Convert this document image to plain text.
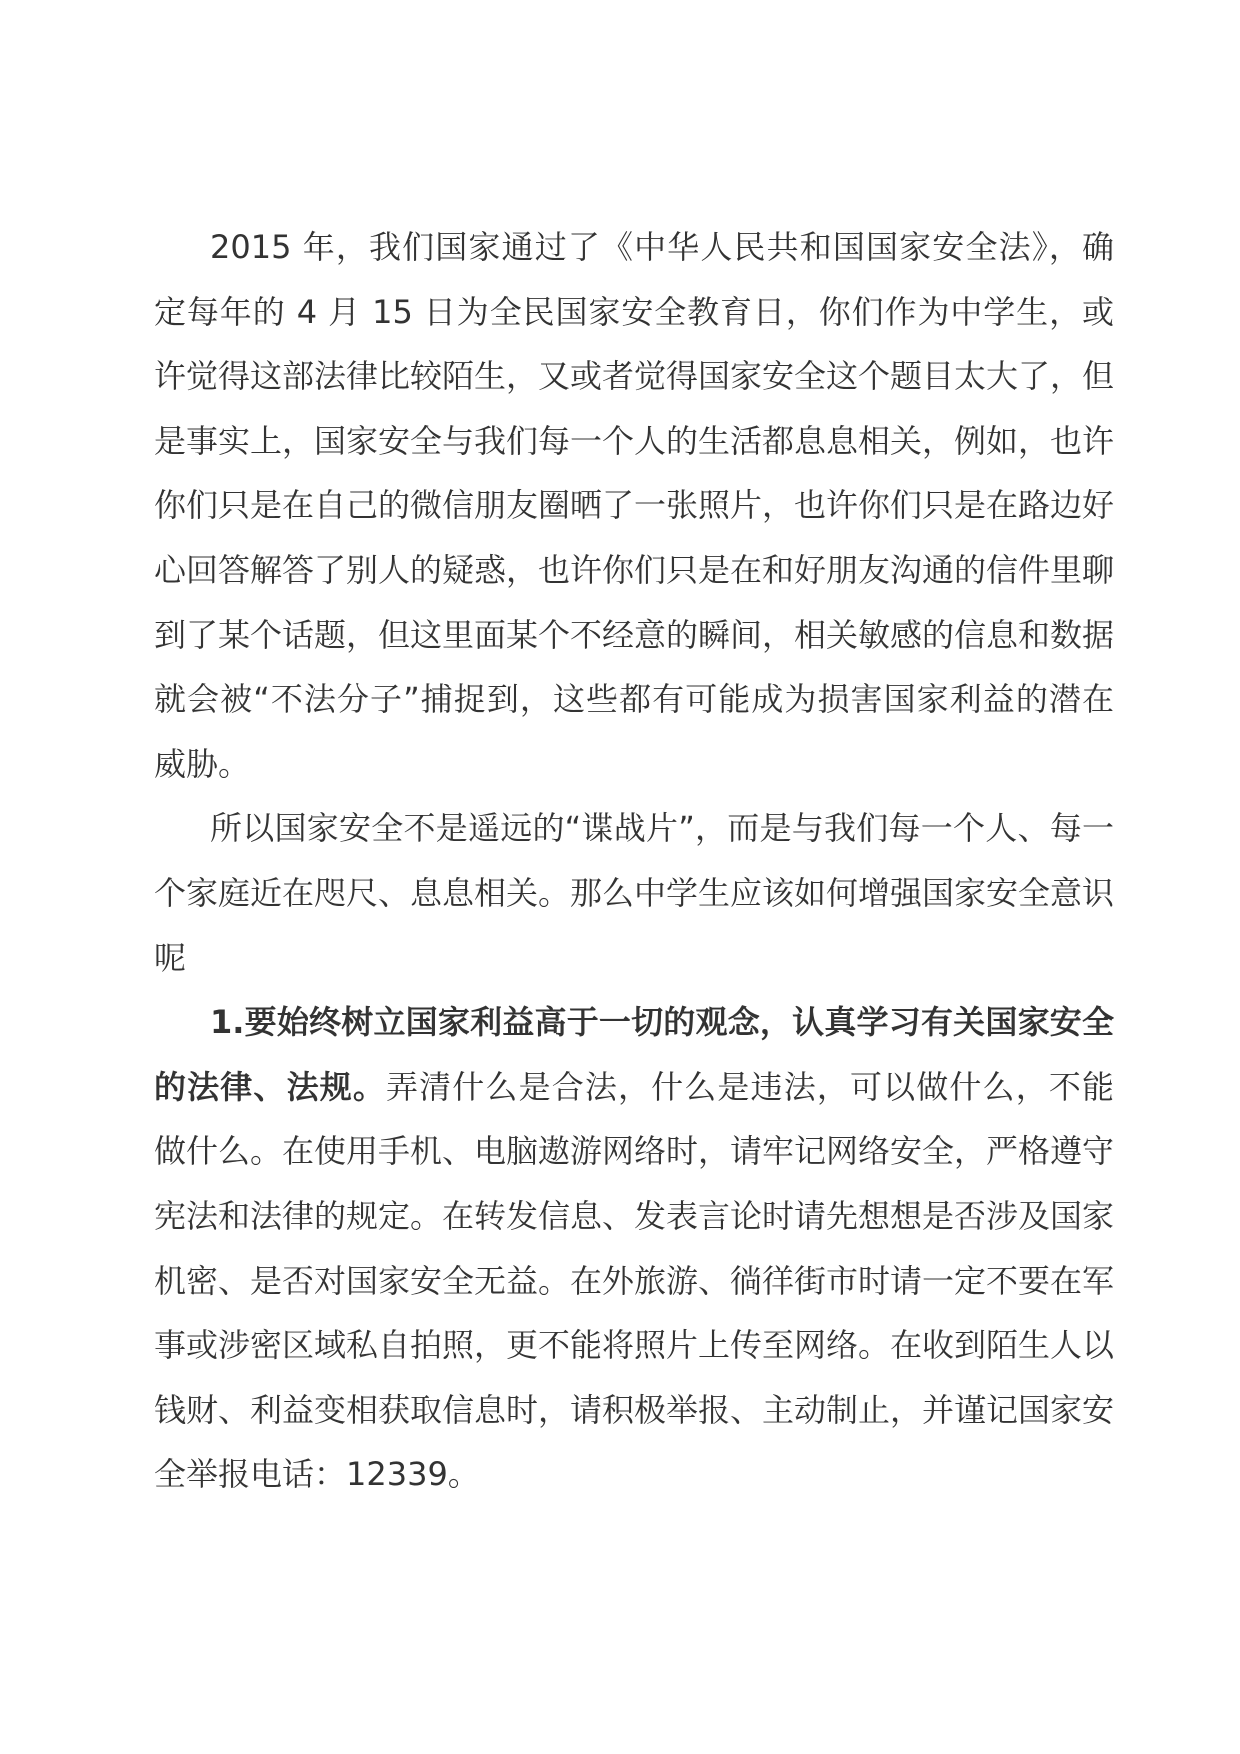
2015 年，我们国家通过了《中华人民共和国国家安全法》，确定每年的 4 月 15 日为全民国家安全教育日，你们作为中学生，或许觉得这部法律比较陌生，又或者觉得国家安全这个题目太大了，但是事实上，国家安全与我们每一个人的生活都息息相关，例如，也许你们只是在自己的微信朋友圈晒了一张照片，也许你们只是在路边好心回答解答了别人的疑惑，也许你们只是在和好朋友沟通的信件里聊到了某个话题，但这里面某个不经意的瞬间，相关敏感的信息和数据就会被“不法分子”捕捉到，这些都有可能成为损害国家利益的潜在威胁。

所以国家安全不是遥远的“谍战片”，而是与我们每一个人、每一个家庭近在咫尺、息息相关。那么中学生应该如何增强国家安全意识呢

1.要始终树立国家利益高于一切的观念，认真学习有关国家安全的法律、法规。弄清什么是合法，什么是违法，可以做什么，不能做什么。在使用手机、电脑遨游网络时，请牢记网络安全，严格遵守宪法和法律的规定。在转发信息、发表言论时请先想想是否涉及国家机密、是否对国家安全无益。在外旅游、徜徉街市时请一定不要在军事或涉密区域私自拍照，更不能将照片上传至网络。在收到陌生人以钱财、利益变相获取信息时，请积极举报、主动制止，并谨记国家安全举报电话：12339。
